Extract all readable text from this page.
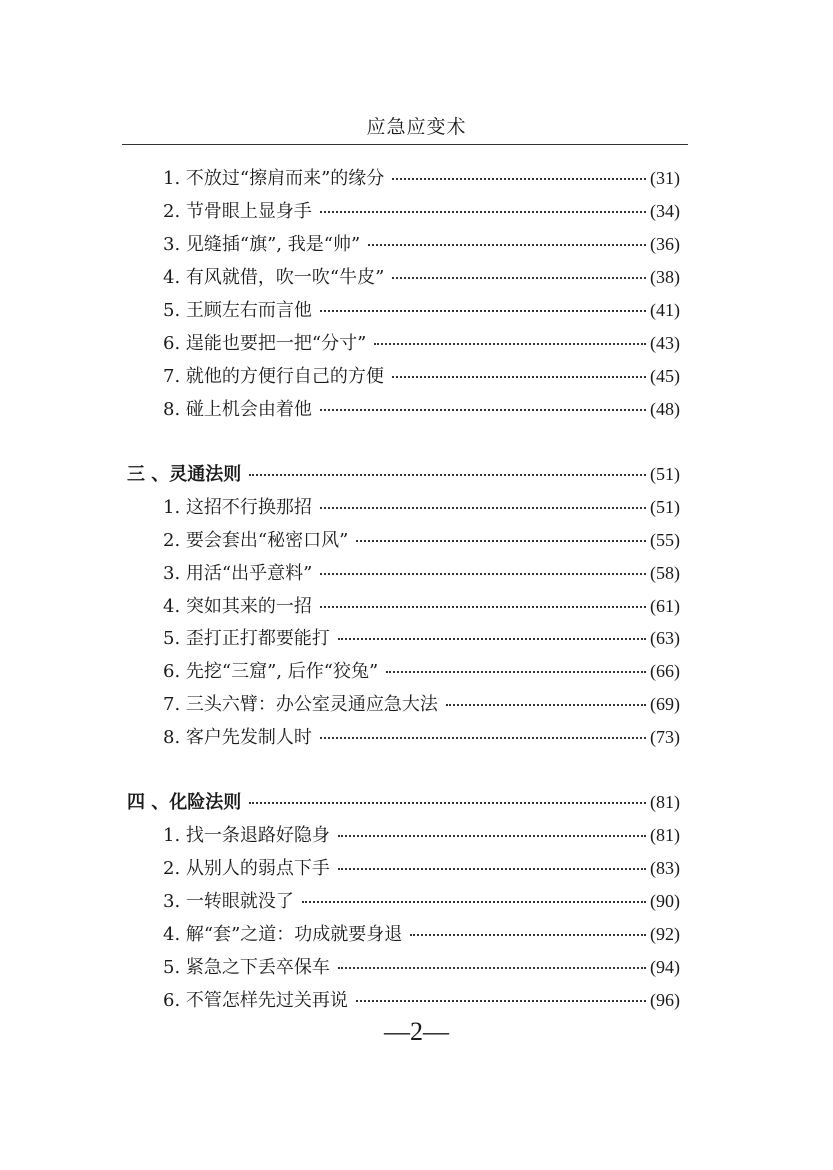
应急应变术
1. 不放过“擦肩而来”的缘分	(31)
2. 节骨眼上显身手	(34)
3. 见缝插“旗”, 我是“帅”	(36)
4. 有风就借，吹一吹“牛皮”	(38)
5. 王顾左右而言他	(41)
6. 逞能也要把一把“分寸”	(43)
7. 就他的方便行自己的方便	(45)
8. 碰上机会由着他	(48)
三 、灵通法则	(51)
1. 这招不行换那招	(51)
2. 要会套出“秘密口风”	(55)
3. 用活“出乎意料”	(58)
4. 突如其来的一招	(61)
5. 歪打正打都要能打	(63)
6. 先挖“三窟”, 后作“狡兔”	(66)
7. 三头六臂：办公室灵通应急大法	(69)
8. 客户先发制人时	(73)
四 、化险法则	(81)
1. 找一条退路好隐身	(81)
2. 从别人的弱点下手	(83)
3. 一转眼就没了	(90)
4. 解“套”之道：功成就要身退	(92)
5. 紧急之下丢卒保车	(94)
6. 不管怎样先过关再说	(96)
—2—
